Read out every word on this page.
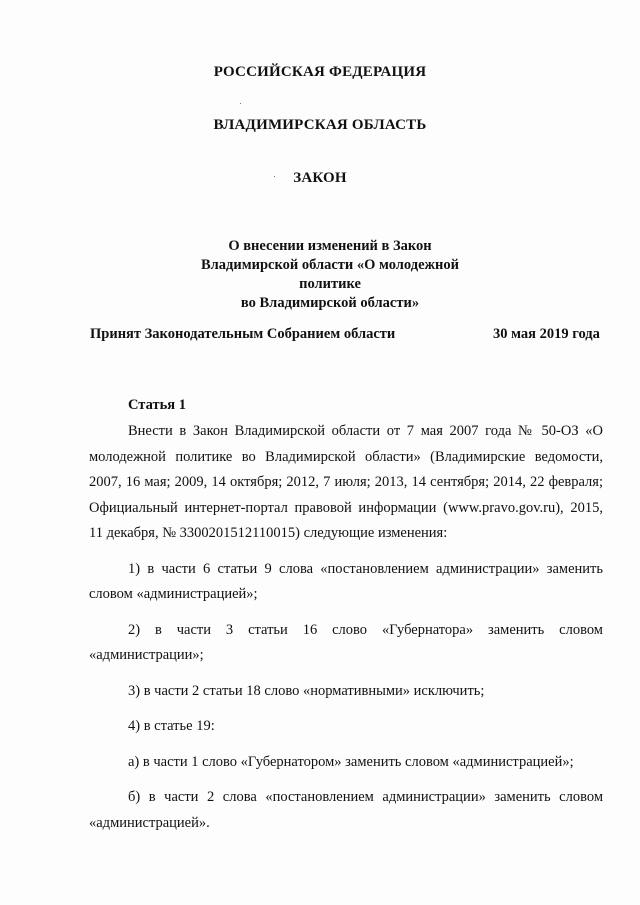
РОССИЙСКАЯ ФЕДЕРАЦИЯ
ВЛАДИМИРСКАЯ ОБЛАСТЬ
ЗАКОН
О внесении изменений в Закон
Владимирской области «О молодежной политике
во Владимирской области»
Принят Законодательным Собранием области	30 мая 2019 года
Статья 1

Внести в Закон Владимирской области от 7 мая 2007 года № 50-ОЗ «О молодежной политике во Владимирской области» (Владимирские ведомости, 2007, 16 мая; 2009, 14 октября; 2012, 7 июля; 2013, 14 сентября; 2014, 22 февраля; Официальный интернет-портал правовой информации (www.pravo.gov.ru), 2015, 11 декабря, № 3300201512110015) следующие изменения:

1) в части 6 статьи 9 слова «постановлением администрации» заменить словом «администрацией»;

2) в части 3 статьи 16 слово «Губернатора» заменить словом «администрации»;

3) в части 2 статьи 18 слово «нормативными» исключить;

4) в статье 19:

а) в части 1 слово «Губернатором» заменить словом «администрацией»;

б) в части 2 слова «постановлением администрации» заменить словом «администрацией».
